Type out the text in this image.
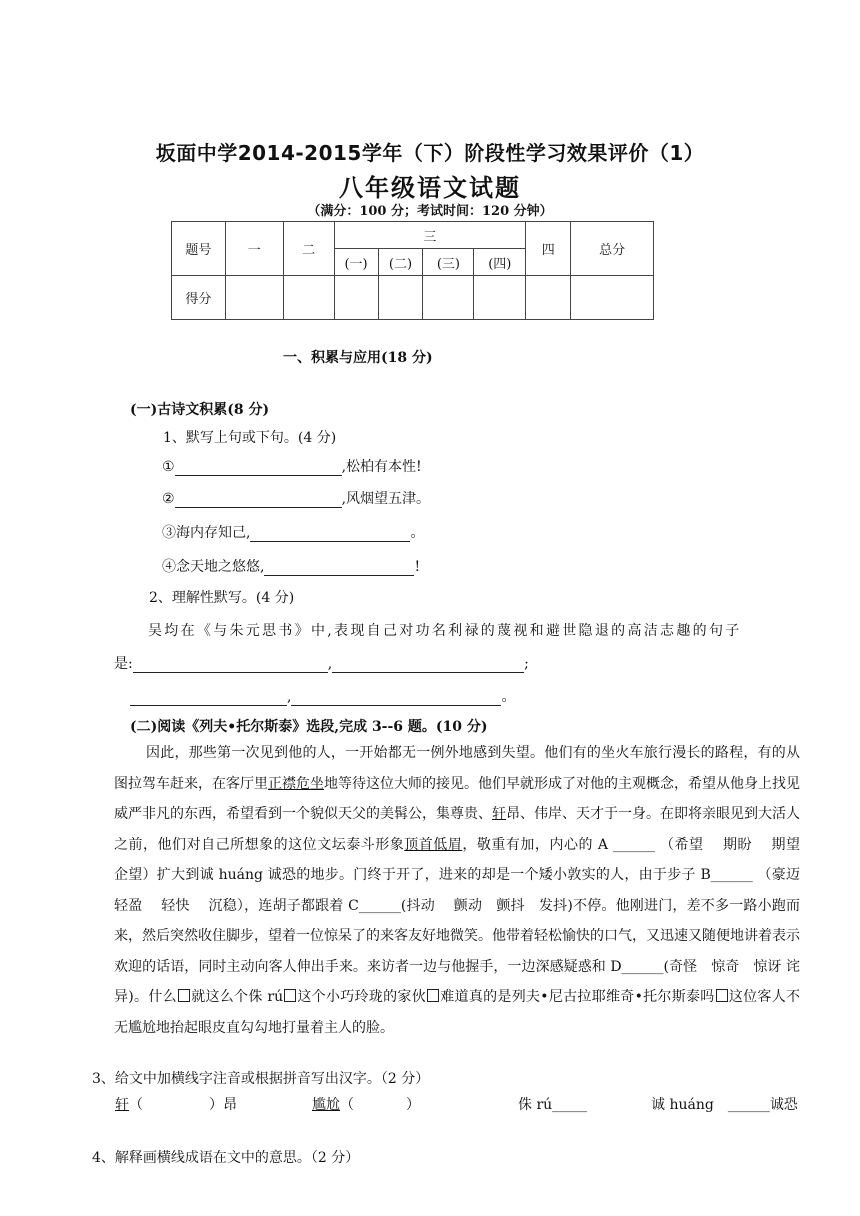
坂面中学2014-2015学年（下）阶段性学习效果评价（1）
八年级语文试题
（满分：100 分；考试时间：120 分钟）
题号	一	二	三				四	总分
			(一)	(二)	(三)	(四)		
得分								
一、积累与应用(18 分)
(一)古诗文积累(8 分)
1、默写上句或下句。(4 分)
①	,松柏有本性!
②	,风烟望五津。
③海内存知己,	。
④念天地之悠悠,	!
2、理解性默写。(4 分)
吴均在《与朱元思书》中,表现自己对功名利禄的蔑视和避世隐退的高洁志趣的句子
是:	,	;
,	。
(二)阅读《列夫•托尔斯泰》选段,完成 3--6 题。(10 分)
因此，那些第一次见到他的人，一开始都无一例外地感到失望。他们有的坐火车旅行漫长的路程，有的从图拉驾车赶来，在客厅里正襟危坐地等待这位大师的接见。他们早就形成了对他的主观概念，希望从他身上找见威严非凡的东西，希望看到一个貌似天父的美髯公，集尊贵、轩昂、伟岸、天才于一身。在即将亲眼见到大活人之前，他们对自己所想象的这位文坛泰斗形象顶首低眉，敬重有加，内心的 A ______ （希望　 期盼　 期望　 企望）扩大到诚 huáng 诚恐的地步。门终于开了，进来的却是一个矮小敦实的人，由于步子 B______ （豪迈　 轻盈　 轻快　 沉稳），连胡子都跟着 C______(抖动　 颤动　颤抖　发抖)不停。他刚进门，差不多一路小跑而来，然后突然收住脚步，望着一位惊呆了的来客友好地微笑。他带着轻松愉快的口气，又迅速又随便地讲着表示欢迎的话语，同时主动向客人伸出手来。来访者一边与他握手，一边深感疑惑和 D______(奇怪　惊奇　惊讶 诧异)。什么 就这么个侏 rú 这个小巧玲珑的家伙 难道真的是列夫•尼古拉耶维奇•托尔斯泰吗 这位客人不无尴尬地抬起眼皮直勾勾地打量着主人的脸。
3、给文中加横线字注音或根据拼音写出汉字。（2 分）
轩（	）昂	尴尬（	）	侏 rú_____	诚 huáng　 ______诚恐
4、解释画横线成语在文中的意思。（2 分）
